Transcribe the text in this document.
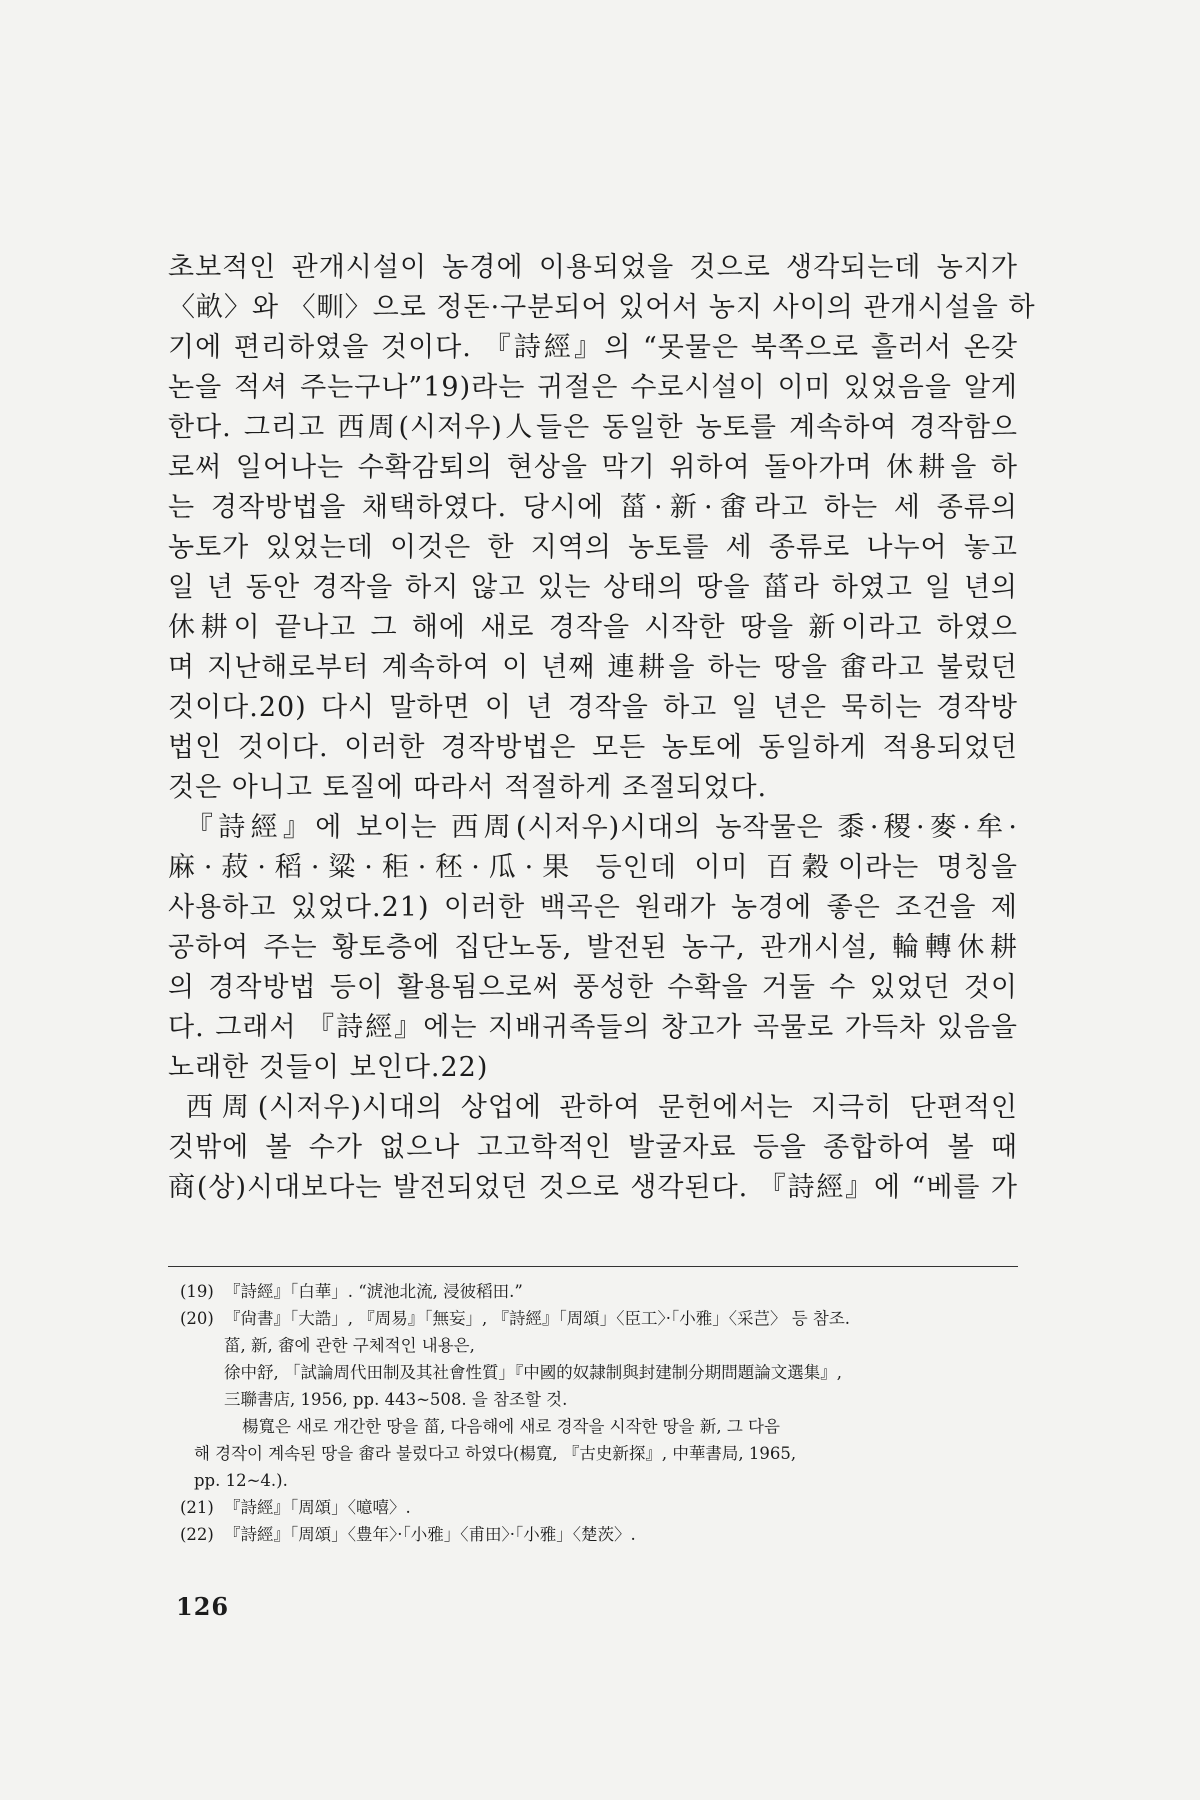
초보적인 관개시설이 농경에 이용되었을 것으로 생각되는데 농지가
〈畝〉와 〈甽〉으로 정돈·구분되어 있어서 농지 사이의 관개시설을 하
기에 편리하였을 것이다. 『詩經』의 “못물은 북쪽으로 흘러서 온갖
논을 적셔 주는구나”19)라는 귀절은 수로시설이 이미 있었음을 알게
한다. 그리고 西周(시저우)人들은 동일한 농토를 계속하여 경작함으
로써 일어나는 수확감퇴의 현상을 막기 위하여 돌아가며 休耕을 하
는 경작방법을 채택하였다. 당시에 菑·新·畬라고 하는 세 종류의
농토가 있었는데 이것은 한 지역의 농토를 세 종류로 나누어 놓고
일 년 동안 경작을 하지 않고 있는 상태의 땅을 菑라 하였고 일 년의
休耕이 끝나고 그 해에 새로 경작을 시작한 땅을 新이라고 하였으
며 지난해로부터 계속하여 이 년째 連耕을 하는 땅을 畬라고 불렀던
것이다.20) 다시 말하면 이 년 경작을 하고 일 년은 묵히는 경작방
법인 것이다. 이러한 경작방법은 모든 농토에 동일하게 적용되었던
것은 아니고 토질에 따라서 적절하게 조절되었다.
『詩經』에 보이는 西周(시저우)시대의 농작물은 黍·稷·麥·牟·
麻·菽·稻·粱·秬·秠·瓜·果 등인데 이미 百穀이라는 명칭을
사용하고 있었다.21) 이러한 백곡은 원래가 농경에 좋은 조건을 제
공하여 주는 황토층에 집단노동, 발전된 농구, 관개시설, 輪轉休耕
의 경작방법 등이 활용됨으로써 풍성한 수확을 거둘 수 있었던 것이
다. 그래서 『詩經』에는 지배귀족들의 창고가 곡물로 가득차 있음을
노래한 것들이 보인다.22)
西周(시저우)시대의 상업에 관하여 문헌에서는 지극히 단편적인
것밖에 볼 수가 없으나 고고학적인 발굴자료 등을 종합하여 볼 때
商(상)시대보다는 발전되었던 것으로 생각된다. 『詩經』에 “베를 가
(19) 『詩經』「白華」. “淲池北流, 浸彼稻田.”
(20) 『尙書』「大誥」, 『周易』「無妄」, 『詩經』「周頌」〈臣工〉·「小雅」〈采芑〉 등 참조.
菑, 新, 畬에 관한 구체적인 내용은,
徐中舒, 「試論周代田制及其社會性質」『中國的奴隷制與封建制分期問題論文選集』,
三聯書店, 1956, pp. 443~508. 을 참조할 것.
楊寬은 새로 개간한 땅을 菑, 다음해에 새로 경작을 시작한 땅을 新, 그 다음
해 경작이 계속된 땅을 畬라 불렀다고 하였다(楊寬, 『古史新探』, 中華書局, 1965,
pp. 12~4.).
(21) 『詩經』「周頌」〈噫嘻〉.
(22) 『詩經』「周頌」〈豊年〉·「小雅」〈甫田〉·「小雅」〈楚茨〉.
126
